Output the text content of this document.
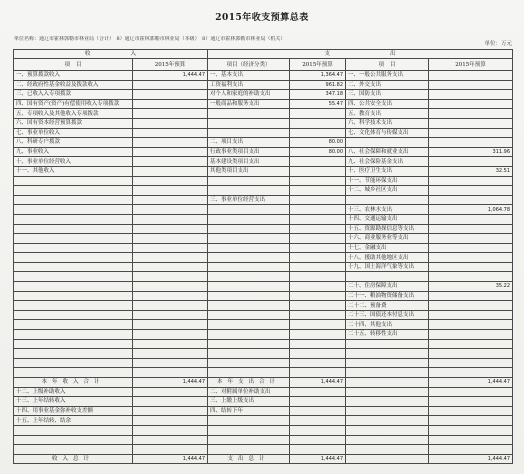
2015年收支预算总表
单位名称：通辽市霍林郭勒市林业局（合计）　8）通辽市霍林郭勒市林业局（本级）　8）通辽市霍林郭勒市林业局（机关）
单位：万元
收入		支出			
项目	2015年预算	项目（经济分类）	2015年预算	项目	2015年预算
一、预算拨款收入	1,444.47	一、基本支出	1,364.47	一、一般公共服务支出	
二、经政府性基金收益及拨款收入		工资福利支出	961.82	二、外交支出	
三、已收入入专项拨款		对个人和家庭的补助支出	347.18	三、国防支出	
四、国有资产(资产)有偿使用收入专项拨款		一般商品和服务支出	55.47	四、公共安全支出	
五、专项收入及其他收入专项拨款				五、教育支出	
六、国有资本经营预算拨款				六、科学技术支出	
七、事业单位收入				七、文化体育与传媒支出	
八、科研专户拨款		二、项目支出	80.00		
九、事业收入		行政事业类项目支出	80.00	八、社会保障和就业支出	311.96
十、事业单位经营收入		基本建设类项目支出		九、社会保险基金支出	
十一、其他收入		其他类项目支出		十、医疗卫生支出	32.51
				十一、节能环保支出	
				十二、城乡社区支出	
		三、事业单位经营支出			
				十三、农林水支出	1,064.78
				十四、交通运输支出	
				十五、资源勘探信息等支出	
				十六、商业服务业等支出	
				十七、金融支出	
				十八、援助其他地区支出	
				十九、国土海洋气象等支出	

				二十、住房保障支出	35.22
				二十一、粮油物资储备支出	
				二十二、预备费	
				二十三、国债还本付息支出	
				二十四、其他支出	
				二十五、转移性支出	

本年收入合计	1,444.47	本年支出合计	1,444.47		1,444.47
十二、上级补助收入		二、对附属单位补助支出			
十三、上年结转收入		三、上缴上级支出			
十四、用事业基金弥补收支差额		四、结转下年			
十五、上年结转、结余					

收入总计	1,444.47	支出总计	1,444.47		1,444.47
